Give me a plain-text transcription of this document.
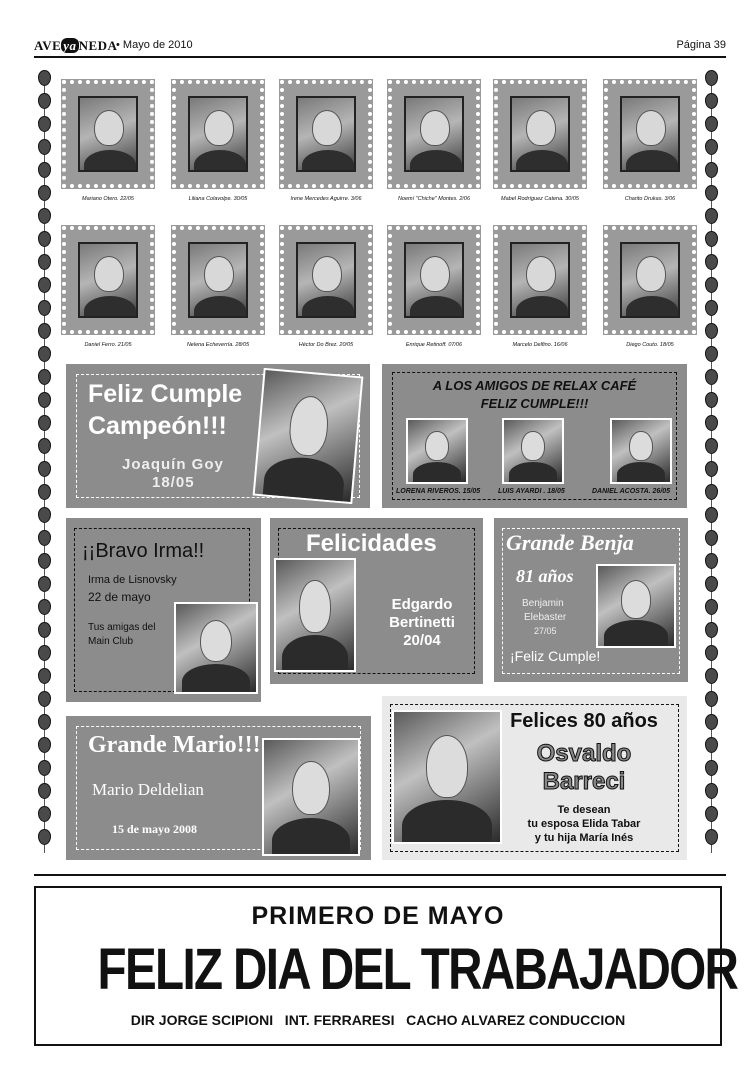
AVE ya NEDA
• Mayo de 2010	Página 39
Mariano Otero. 22/05	Liliana Colavolpe. 30/05	Irene Mercedes Aguirre. 3/06	Noemí "Chiche" Montes. 2/06	Mabel Rodríguez Catena. 30/05	Charito Drukas. 3/06
Daniel Ferro. 21/05	Nelena Echeverría. 28/05	Héctor Do Brez. 20/05	Enrique Retinoff. 07/06	Marcelo Delfino. 16/06	Diego Couto. 18/05
Feliz Cumple
Campeón!!!
Joaquín Goy
18/05
A LOS AMIGOS DE RELAX CAFÉ
FELIZ CUMPLE!!!
LORENA RIVEROS. 15/05	LUIS AYARDI . 18/05	DANIEL ACOSTA. 26/05
¡¡Bravo Irma!!
Irma de Lisnovsky
22 de mayo
Tus amigas del
Main Club
Felicidades
Edgardo
Bertinetti
20/04
Grande Benja
81 años
Benjamin
Elebaster
27/05
¡Feliz Cumple!
Grande Mario!!!
Mario Deldelian
15 de mayo 2008
Felices 80 años
Osvaldo
Barreci
Te desean
tu esposa Elida Tabar
y tu hija María Inés
PRIMERO DE MAYO
FELIZ DIA DEL TRABAJADOR
DIR JORGE SCIPIONI   INT. FERRARESI   CACHO ALVAREZ CONDUCCION
